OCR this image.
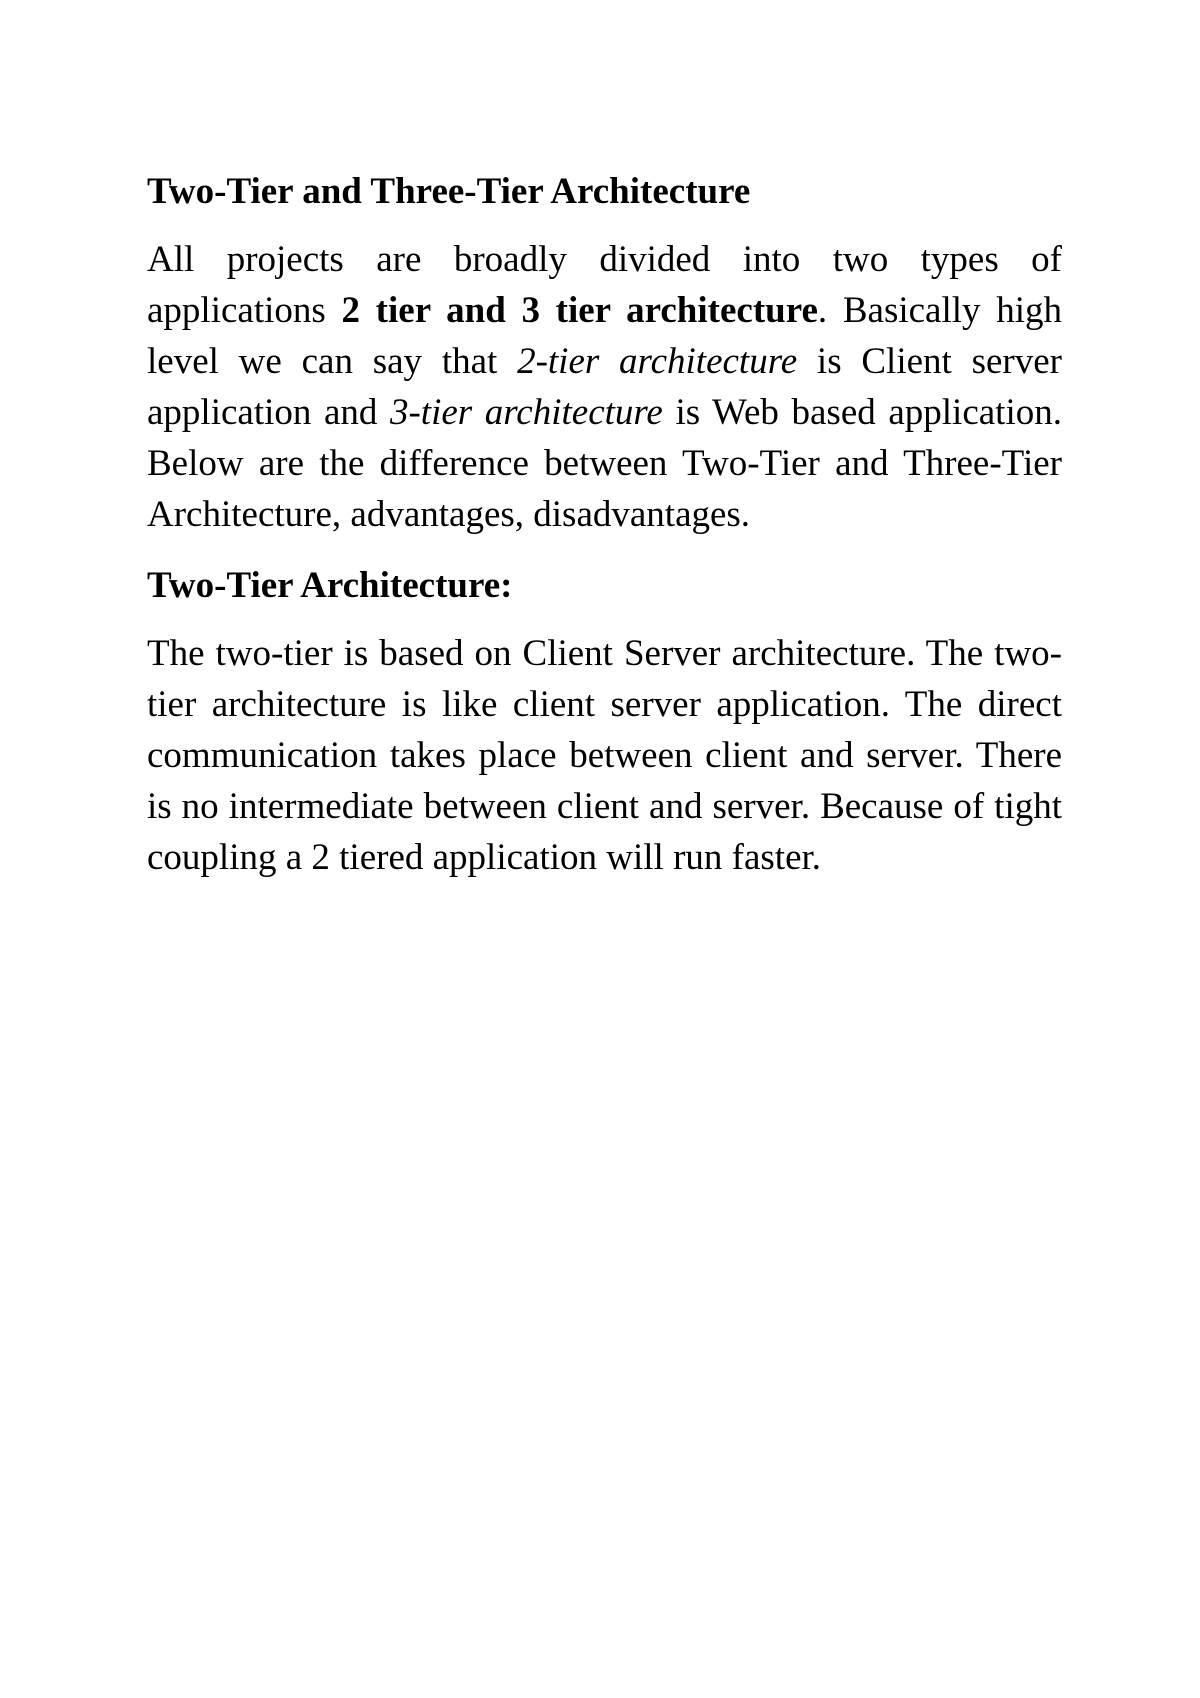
Two-Tier and Three-Tier Architecture

All projects are broadly divided into two types of applications 2 tier and 3 tier architecture. Basically high level we can say that 2-tier architecture is Client server application and 3-tier architecture is Web based application. Below are the difference between Two-Tier and Three-Tier Architecture, advantages, disadvantages.

Two-Tier Architecture:

The two-tier is based on Client Server architecture. The two-tier architecture is like client server application. The direct communication takes place between client and server. There is no intermediate between client and server. Because of tight coupling a 2 tiered application will run faster.
